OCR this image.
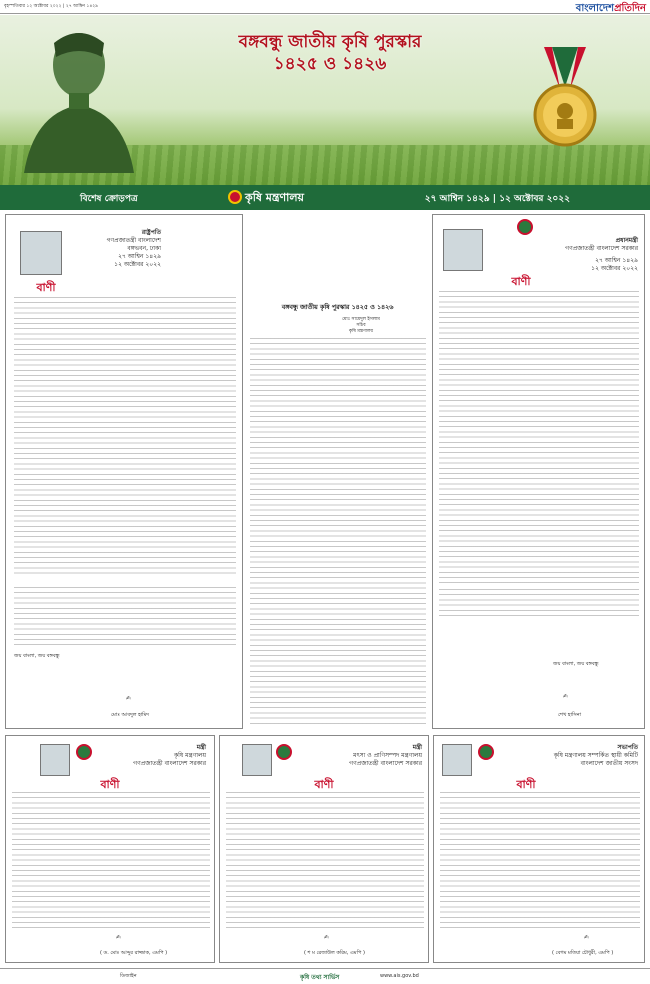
বৃহস্পতিবার ১২ অক্টোবর ২০২২ | ২৭ আশ্বিন ১৪২৯	বাংলাদেশপ্রতিদিন
বঙ্গবন্ধু জাতীয় কৃষি পুরস্কার
১৪২৫ ও ১৪২৬
বিশেষ ক্রোড়পত্র	কৃষি মন্ত্রণালয়	২৭ আশ্বিন ১৪২৯ | ১২ অক্টোবর ২০২২
রাষ্ট্রপতি
গণপ্রজাতন্ত্রী বাংলাদেশ
বঙ্গভবন, ঢাকা
২৭ আশ্বিন ১৪২৯
১২ অক্টোবর ২০২২
বাণী
জয় বাংলা, জয় বঙ্গবন্ধু
✍
মোঃ আবদুল হামিদ
বঙ্গবন্ধু জাতীয় কৃষি পুরস্কার ১৪২৫ ও ১৪২৬
মোঃ সায়েদুল ইসলাম
সচিব
কৃষি মন্ত্রণালয়
প্রধানমন্ত্রী
গণপ্রজাতন্ত্রী বাংলাদেশ সরকার
২৭ আশ্বিন ১৪২৯
১২ অক্টোবর ২০২২
বাণী
জয় বাংলা, জয় বঙ্গবন্ধু
✍
শেখ হাসিনা
মন্ত্রী
কৃষি মন্ত্রণালয়
গণপ্রজাতন্ত্রী বাংলাদেশ সরকার
বাণী
✍
( ড. মোঃ আব্দুর রাজ্জাক, এমপি )
মন্ত্রী
মৎস্য ও প্রাণিসম্পদ মন্ত্রণালয়
গণপ্রজাতন্ত্রী বাংলাদেশ সরকার
বাণী
✍
( শ ম রেজাউল করিম, এমপি )
সভাপতি
কৃষি মন্ত্রণালয় সম্পর্কিত স্থায়ী কমিটি
বাংলাদেশ জাতীয় সংসদ
বাণী
✍
( বেগম মতিয়া চৌধুরী, এমপি )
ডিজাইন	কৃষি তথ্য সার্ভিস	www.ais.gov.bd
